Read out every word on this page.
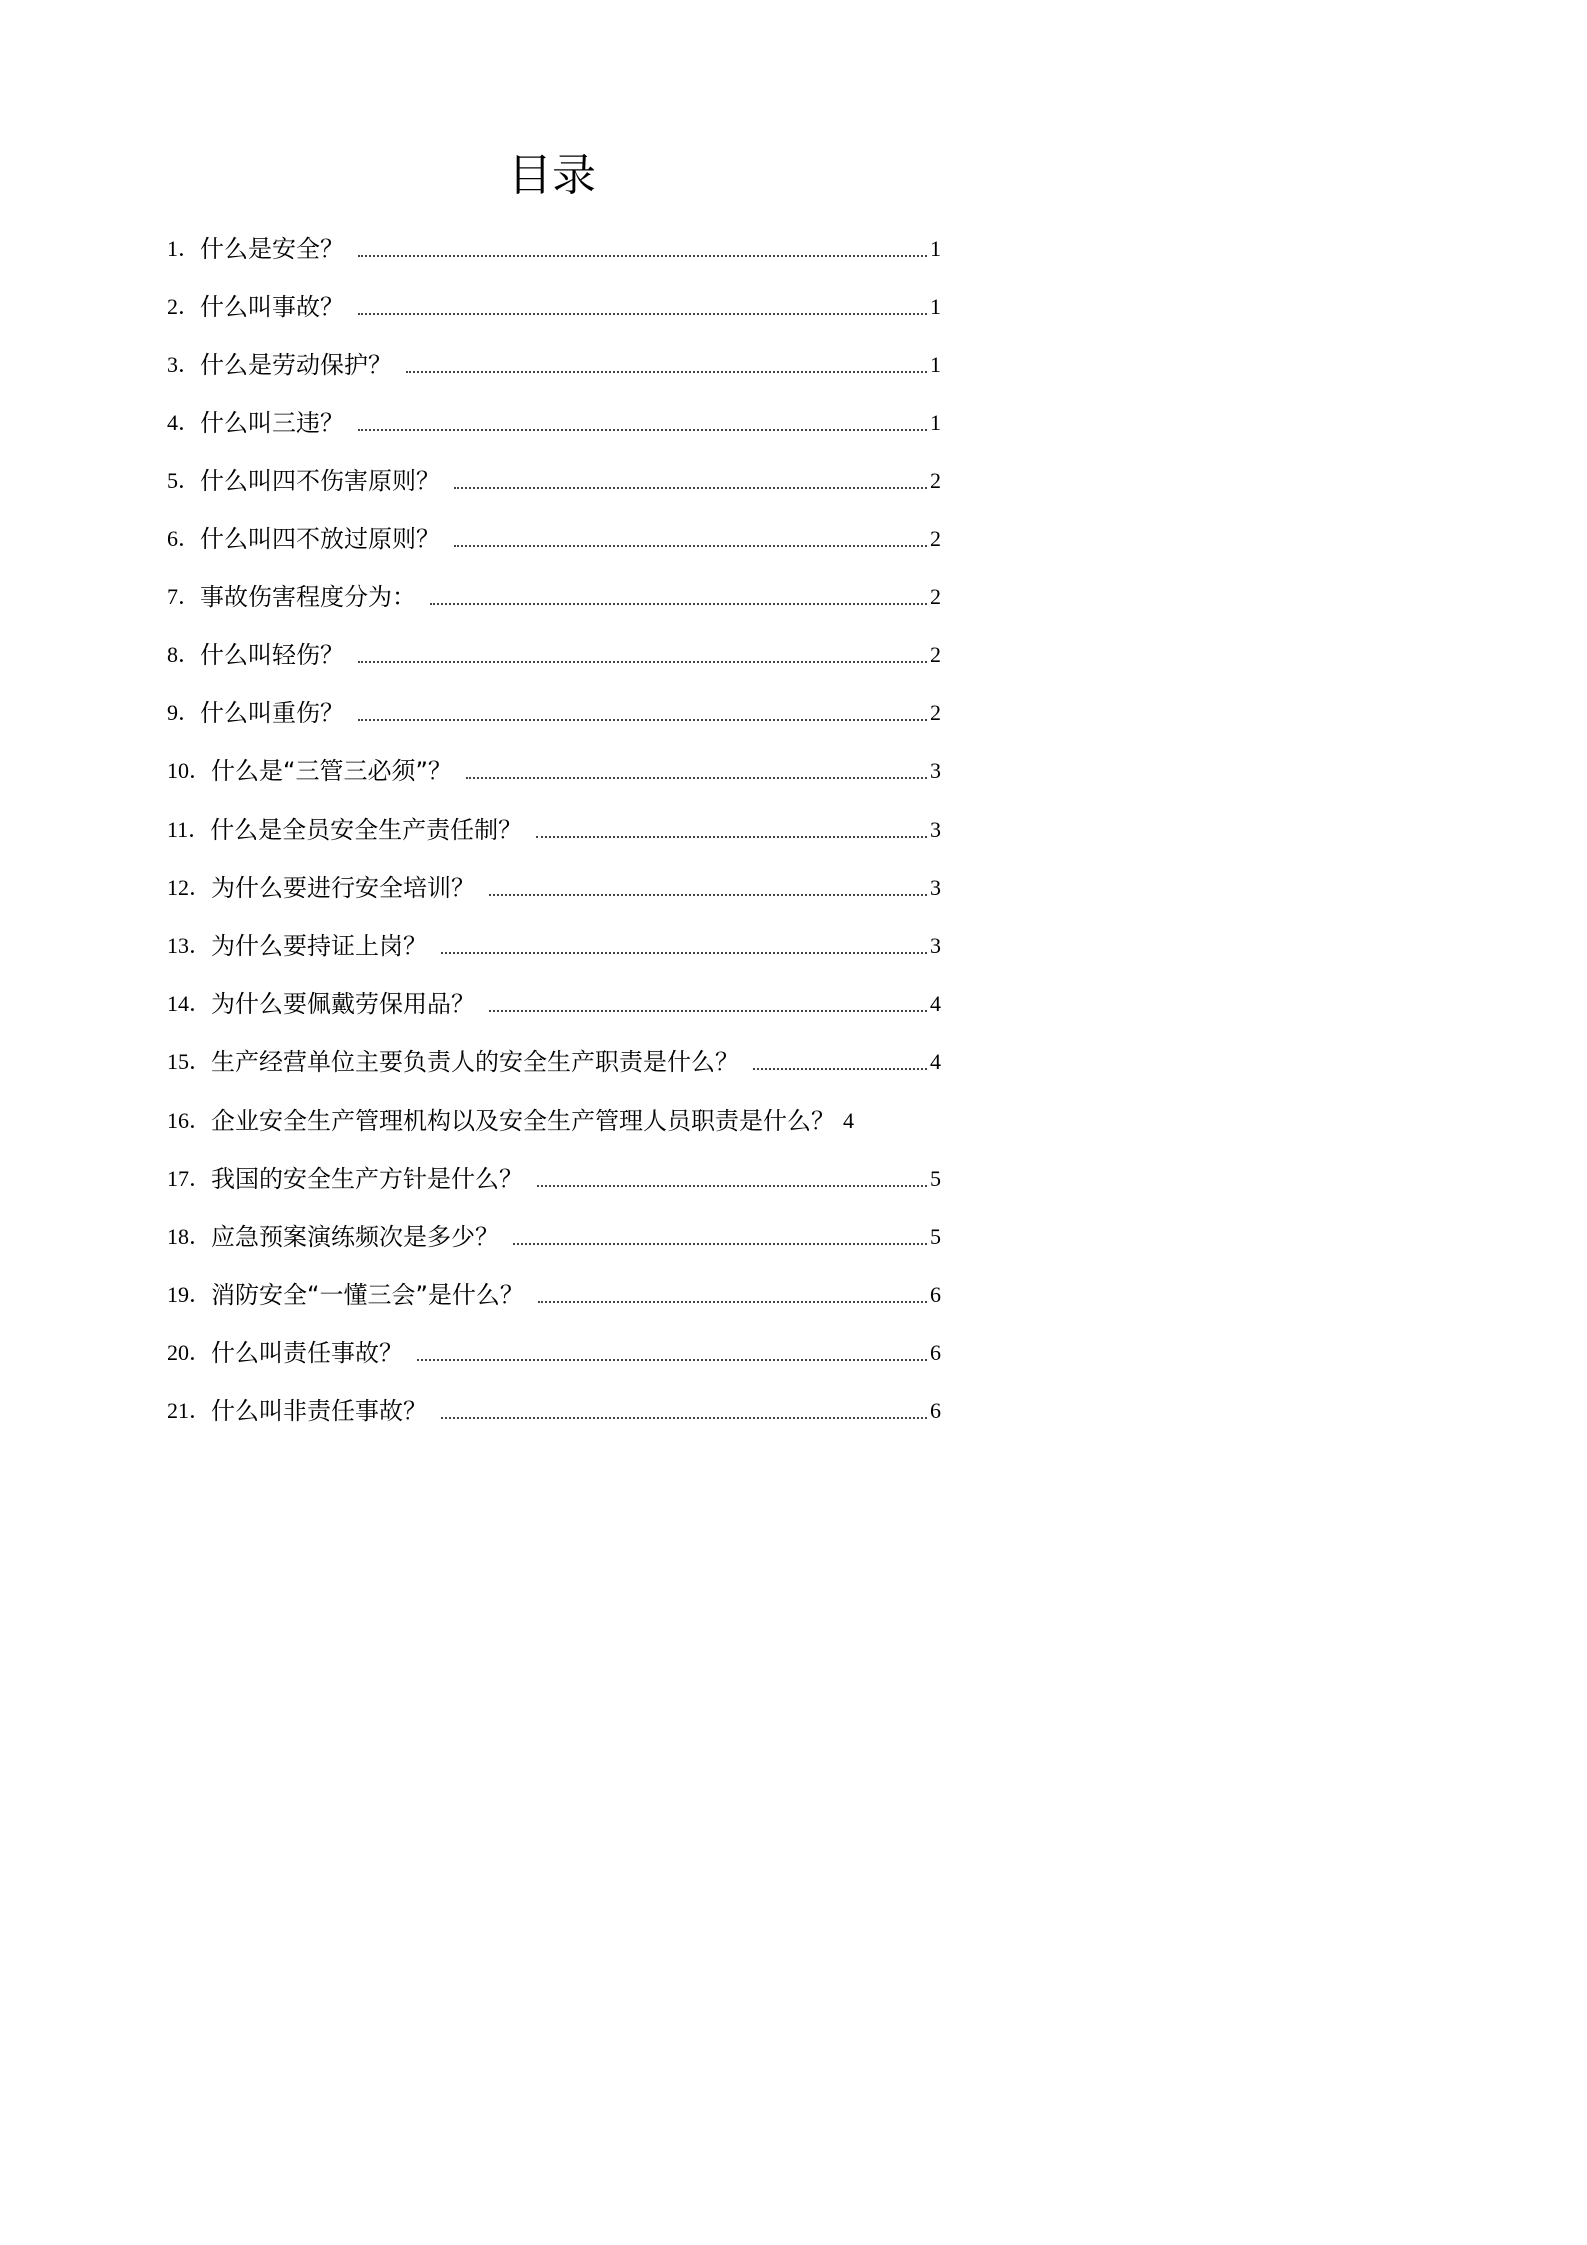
目录
1． 什么是安全？	1
2． 什么叫事故？	1
3． 什么是劳动保护？	1
4． 什么叫三违？	1
5． 什么叫四不伤害原则？	2
6． 什么叫四不放过原则？	2
7． 事故伤害程度分为：	2
8． 什么叫轻伤？	2
9． 什么叫重伤？	2
10． 什么是“三管三必须”？	3
11． 什么是全员安全生产责任制？	3
12． 为什么要进行安全培训？	3
13． 为什么要持证上岗？	3
14． 为什么要佩戴劳保用品？	4
15． 生产经营单位主要负责人的安全生产职责是什么？	4
16． 企业安全生产管理机构以及安全生产管理人员职责是什么？ 4
17． 我国的安全生产方针是什么？	5
18． 应急预案演练频次是多少？	5
19． 消防安全“一懂三会”是什么？	6
20． 什么叫责任事故？	6
21． 什么叫非责任事故？	6
